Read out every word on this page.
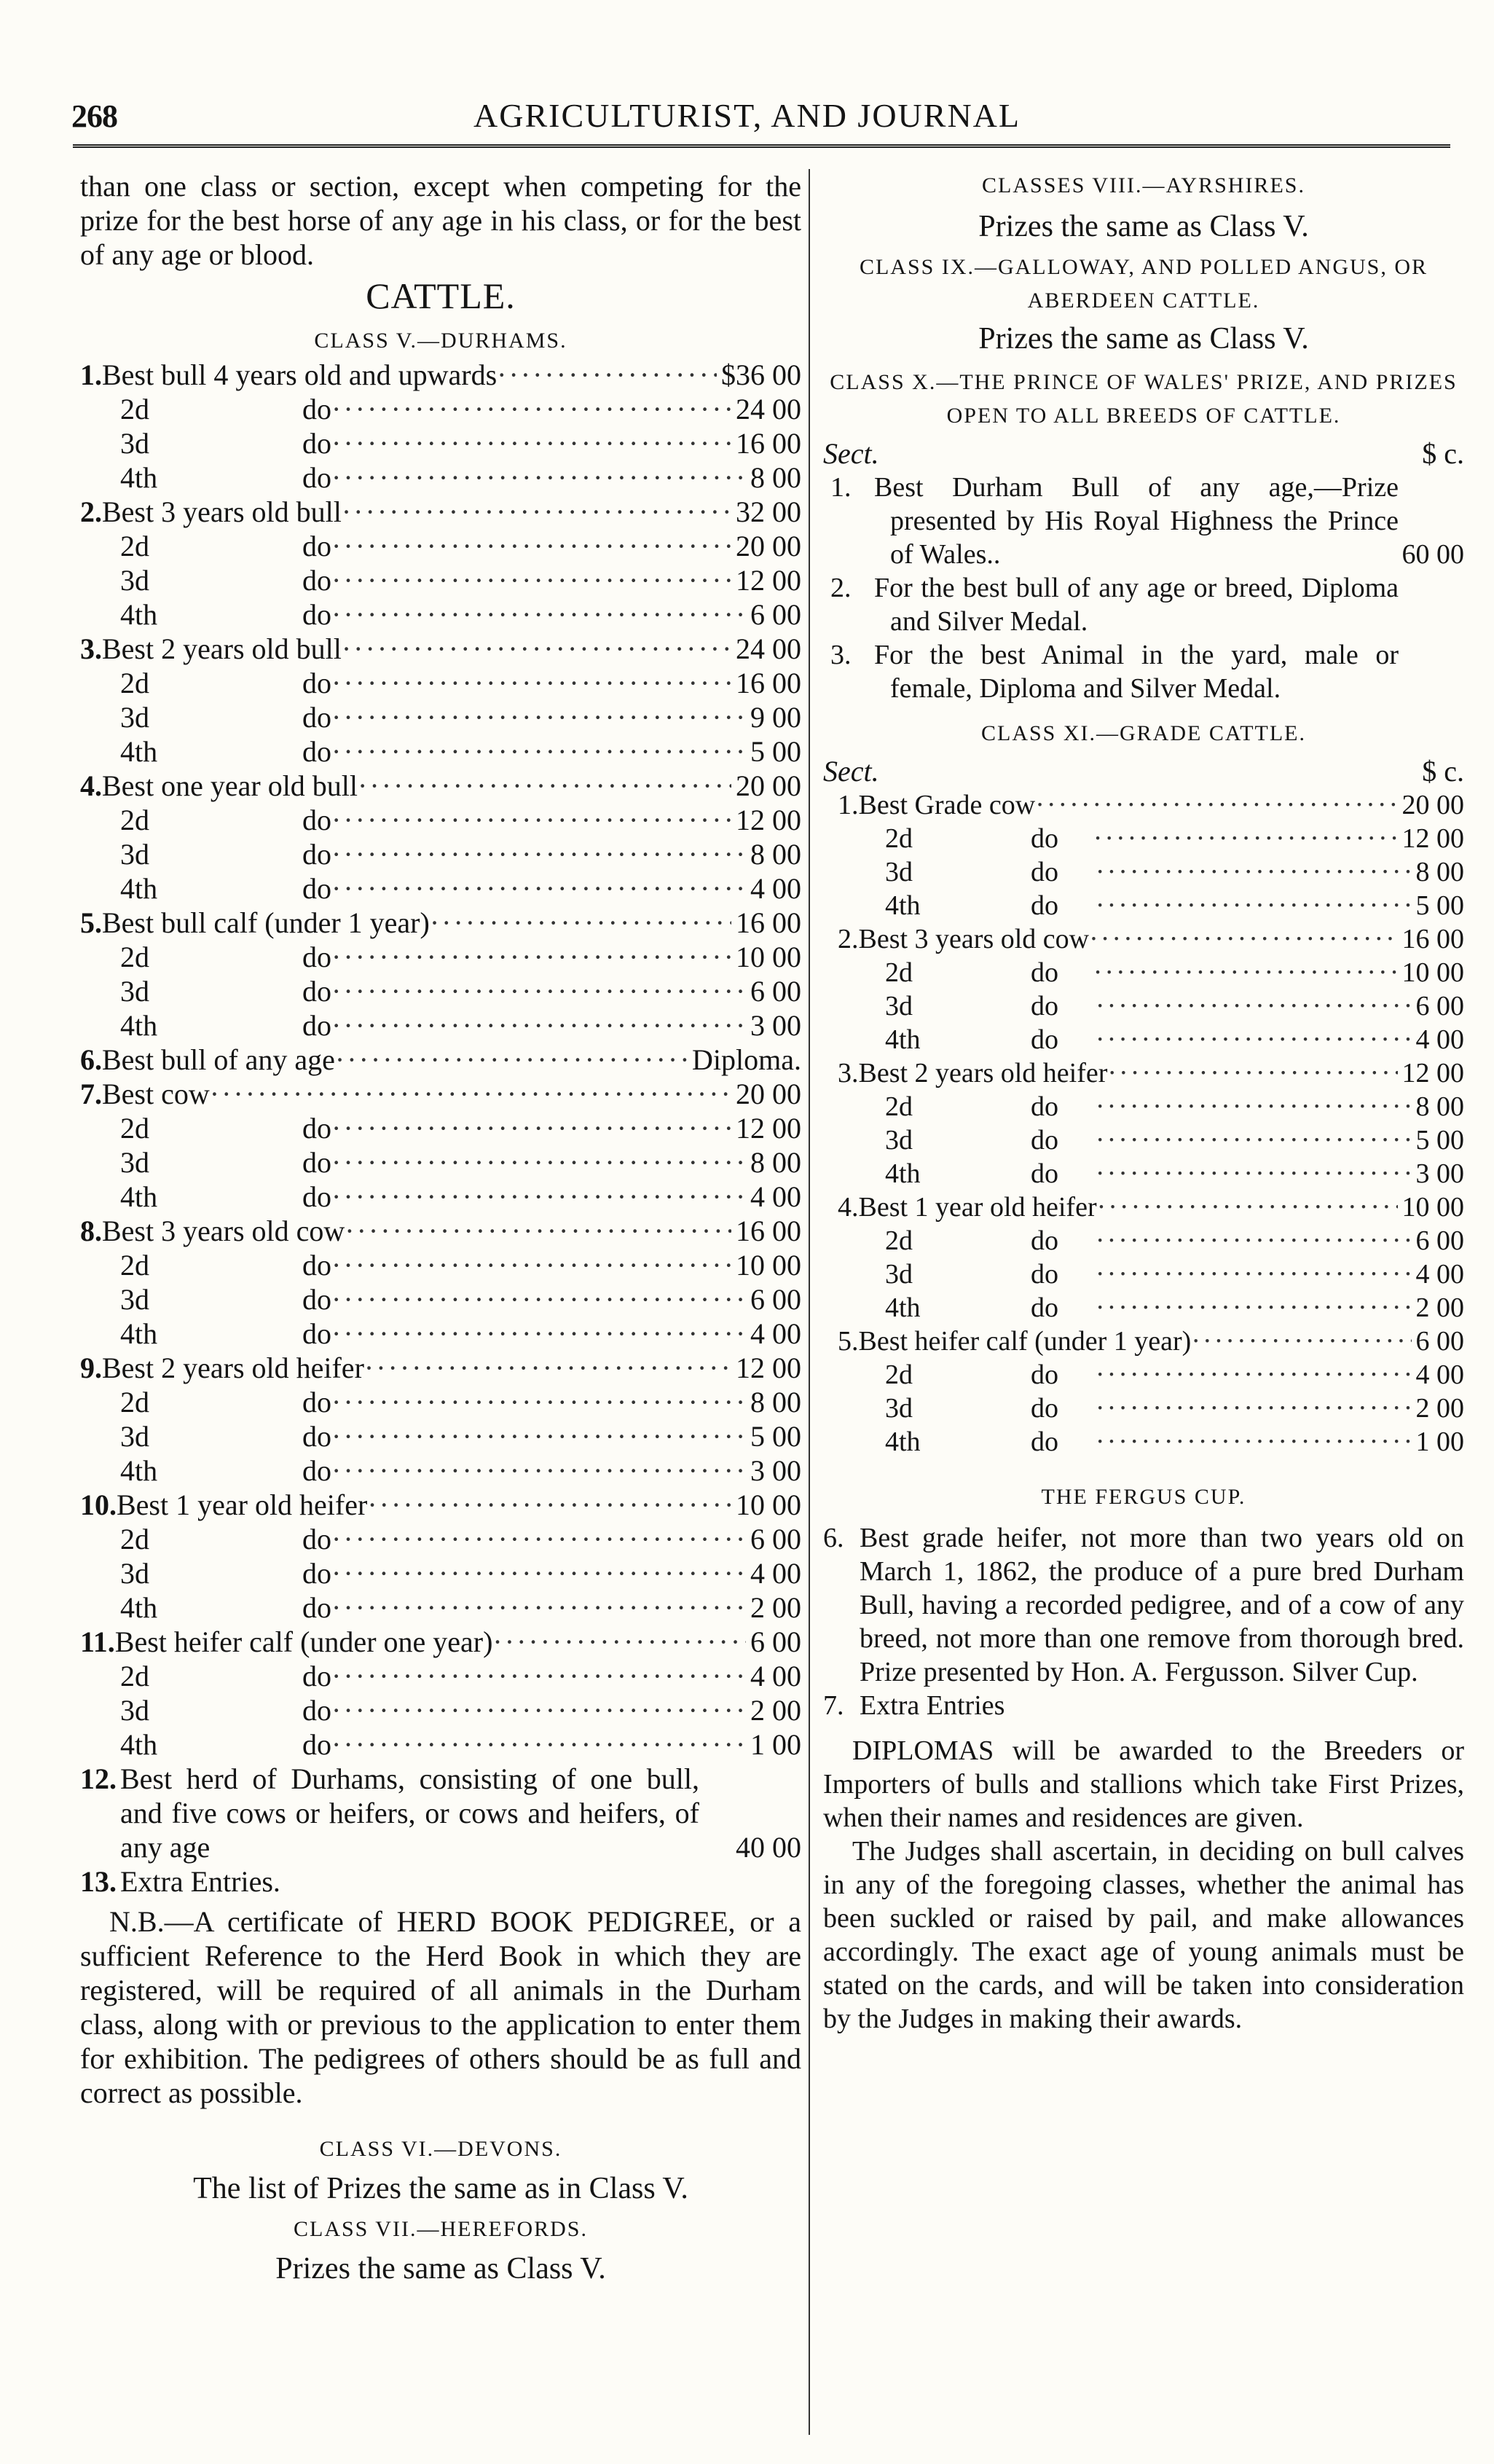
268	AGRICULTURIST, AND JOURNAL

than one class or section, except when competing for the prize for the best horse of any age in his class, or for the best of any age or blood.

CATTLE.
CLASS V.—DURHAMS.
1. Best bull 4 years old and upwards ·····	$36 00
2d	do ·····	24 00
3d	do ·····	16 00
4th	do ·····	8 00
2. Best 3 years old bull ·····	32 00
2d	do ·····	20 00
3d	do ·····	12 00
4th	do ·····	6 00
3. Best 2 years old bull ·····	24 00
2d	do ·····	16 00
3d	do ·····	9 00
4th	do ·····	5 00
4. Best one year old bull ·····	20 00
2d	do ·····	12 00
3d	do ·····	8 00
4th	do ·····	4 00
5. Best bull calf (under 1 year) ·····	16 00
2d	do ·····	10 00
3d	do ·····	6 00
4th	do ·····	3 00
6. Best bull of any age ·····	Diploma.
7. Best cow ·····	20 00
2d	do ·····	12 00
3d	do ·····	8 00
4th	do ·····	4 00
8. Best 3 years old cow ·····	16 00
2d	do ·····	10 00
3d	do ·····	6 00
4th	do ·····	4 00
9. Best 2 years old heifer ·····	12 00
2d	do ·····	8 00
3d	do ·····	5 00
4th	do ·····	3 00
10. Best 1 year old heifer ·····	10 00
2d	do ·····	6 00
3d	do ·····	4 00
4th	do ·····	2 00
11. Best heifer calf (under one year) ·····	6 00
2d	do ·····	4 00
3d	do ·····	2 00
4th	do ·····	1 00
12. Best herd of Durhams, consisting of one bull, and five cows or heifers, or cows and heifers, of any age	40 00
13. Extra Entries.

N.B.—A certificate of HERD BOOK PEDIGREE, or a sufficient Reference to the Herd Book in which they are registered, will be required of all animals in the Durham class, along with or previous to the application to enter them for exhibition. The pedigrees of others should be as full and correct as possible.

CLASS VI.—DEVONS.
The list of Prizes the same as in Class V.
CLASS VII.—HEREFORDS.
Prizes the same as Class V.
CLASSES VIII.—AYRSHIRES.
Prizes the same as Class V.
CLASS IX.—GALLOWAY, AND POLLED ANGUS, OR ABERDEEN CATTLE.
Prizes the same as Class V.
CLASS X.—THE PRINCE OF WALES' PRIZE, AND PRIZES OPEN TO ALL BREEDS OF CATTLE.
Sect.	$ c.
1. Best Durham Bull of any age,—Prize presented by His Royal Highness the Prince of Wales..	60 00
2. For the best bull of any age or breed, Diploma and Silver Medal.
3. For the best Animal in the yard, male or female, Diploma and Silver Medal.
CLASS XI.—GRADE CATTLE.
Sect.	$ c.
1. Best Grade cow ·····	20 00
2d	do ·····	12 00
3d	do ·····	8 00
4th	do ·····	5 00
2. Best 3 years old cow ·····	16 00
2d	do ·····	10 00
3d	do ·····	6 00
4th	do ·····	4 00
3. Best 2 years old heifer ·····	12 00
2d	do ·····	8 00
3d	do ·····	5 00
4th	do ·····	3 00
4. Best 1 year old heifer ·····	10 00
2d	do ·····	6 00
3d	do ·····	4 00
4th	do ·····	2 00
5. Best heifer calf (under 1 year) ·····	6 00
2d	do ·····	4 00
3d	do ·····	2 00
4th	do ·····	1 00
THE FERGUS CUP.
6. Best grade heifer, not more than two years old on March 1, 1862, the produce of a pure bred Durham Bull, having a recorded pedigree, and of a cow of any breed, not more than one remove from thorough bred. Prize presented by Hon. A. Fergusson. Silver Cup.
7. Extra Entries

DIPLOMAS will be awarded to the Breeders or Importers of bulls and stallions which take First Prizes, when their names and residences are given.

The Judges shall ascertain, in deciding on bull calves in any of the foregoing classes, whether the animal has been suckled or raised by pail, and make allowances accordingly. The exact age of young animals must be stated on the cards, and will be taken into consideration by the Judges in making their awards.
